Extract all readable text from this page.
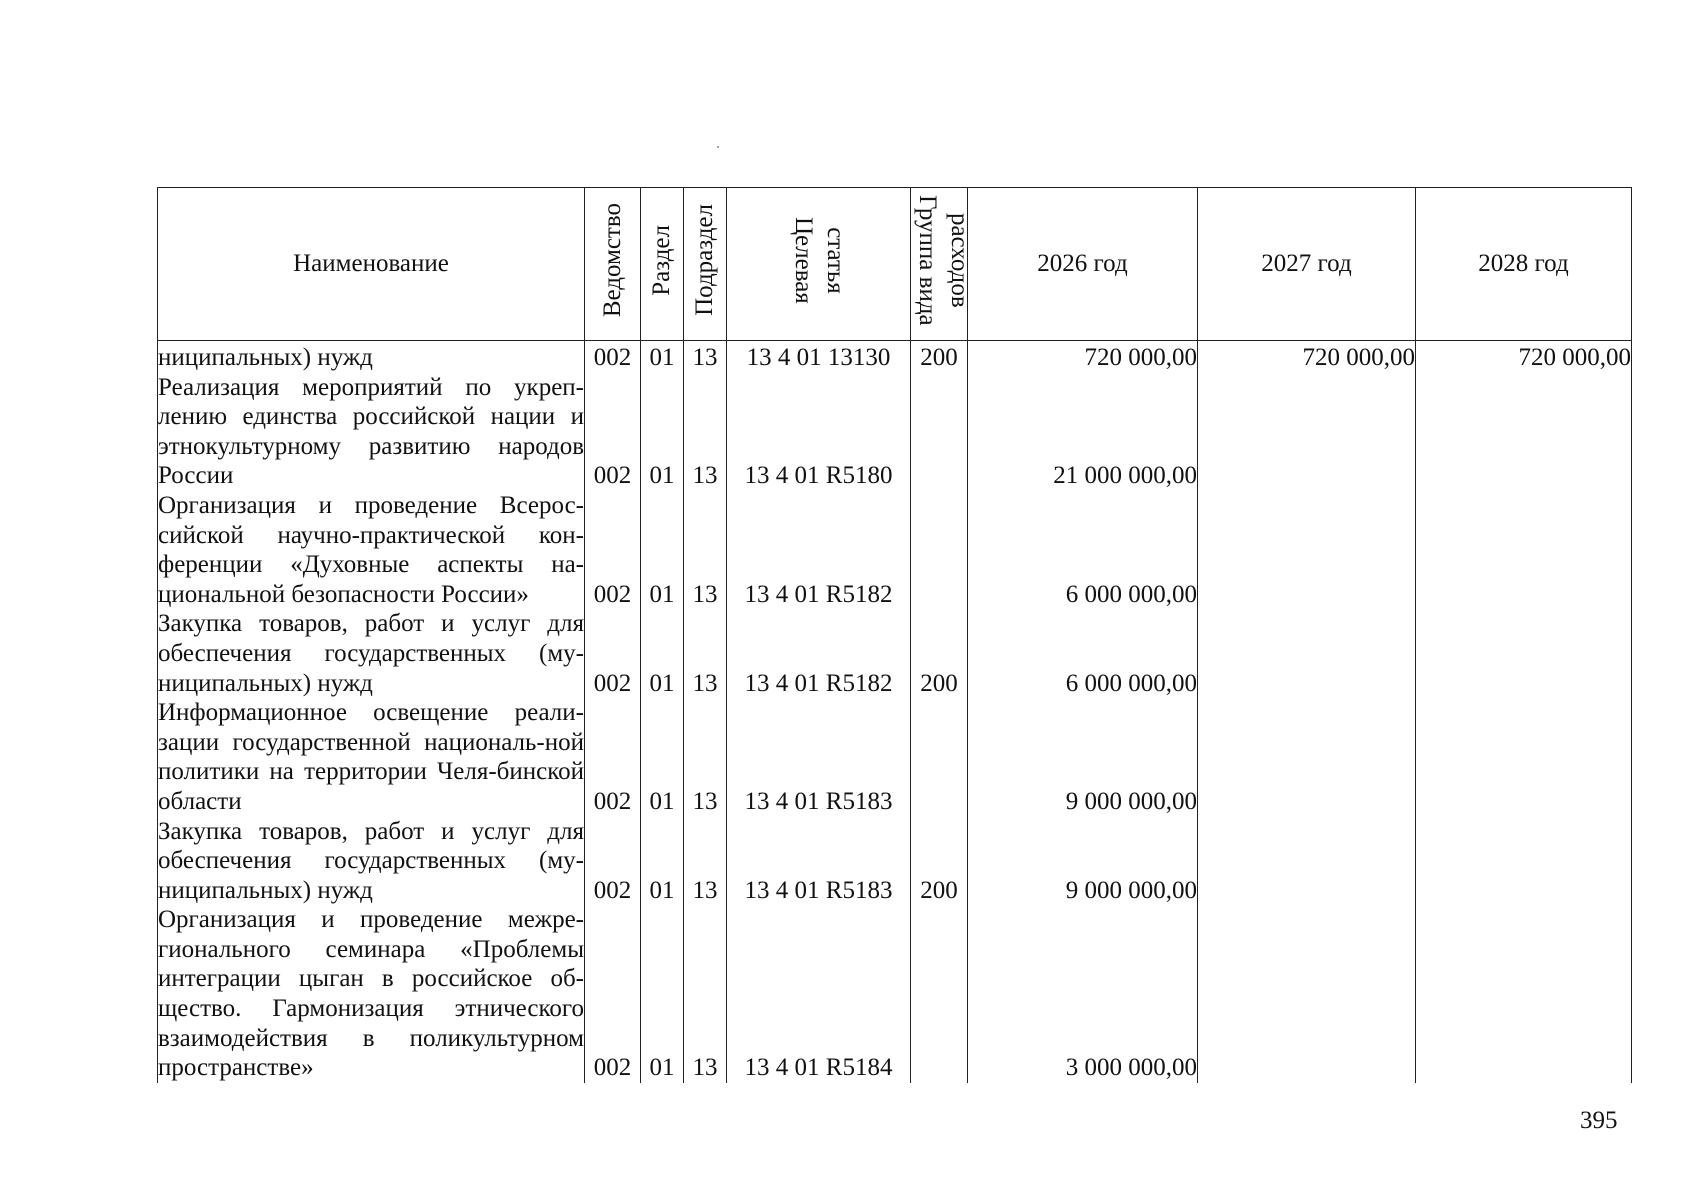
Наименование	Ведомство	Раздел	Подраздел	Целевая статья	Группа вида расходов	2026 год	2027 год	2028 год
ниципальных) нужд	002	01	13	13 4 01 13130	200	720 000,00	720 000,00	720 000,00
Реализация мероприятий по укреп-лению единства российской нации и этнокультурному развитию народов России	002	01	13	13 4 01 R5180		21 000 000,00		
Организация и проведение Всерос-сийской научно-практической кон-ференции «Духовные аспекты на-циональной безопасности России»	002	01	13	13 4 01 R5182		6 000 000,00		
Закупка товаров, работ и услуг для обеспечения государственных (му-ниципальных) нужд	002	01	13	13 4 01 R5182	200	6 000 000,00		
Информационное освещение реали-зации государственной националь-ной политики на территории Челя-бинской области	002	01	13	13 4 01 R5183		9 000 000,00		
Закупка товаров, работ и услуг для обеспечения государственных (му-ниципальных) нужд	002	01	13	13 4 01 R5183	200	9 000 000,00		
Организация и проведение межре-гионального семинара «Проблемы интеграции цыган в российское об-щество. Гармонизация этнического взаимодействия в поликультурном пространстве»	002	01	13	13 4 01 R5184		3 000 000,00		
395
